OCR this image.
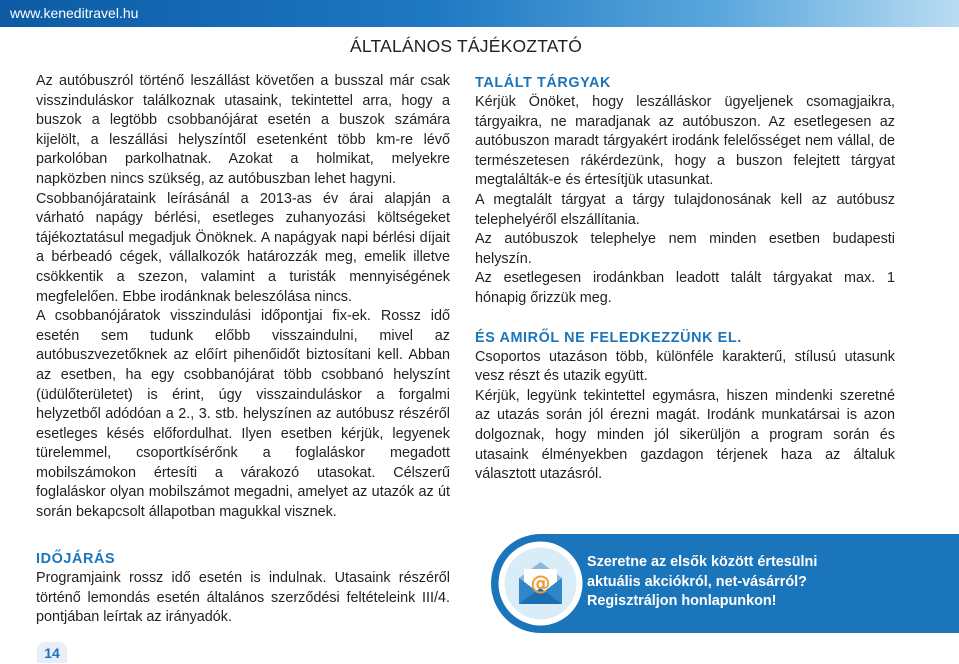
www.keneditravel.hu
ÁLTALÁNOS TÁJÉKOZTATÓ

Az autóbuszról történő leszállást követően a busszal már csak visszinduláskor találkoznak utasaink, tekintettel arra, hogy a buszok a legtöbb csobbanójárat esetén a buszok számára kijelölt, a leszállási helyszíntől esetenként több km-re lévő parkolóban parkolhatnak. Azokat a holmikat, melyekre napközben nincs szükség, az autóbuszban lehet hagyni.

Csobbanójárataink leírásánál a 2013-as év árai alapján a várható napágy bérlési, esetleges zuhanyozási költségeket tájékoztatásul megadjuk Önöknek. A napágyak napi bérlési díjait a bérbeadó cégek, vállalkozók határozzák meg, emelik illetve csökkentik a szezon, valamint a turisták mennyiségének megfelelően. Ebbe irodánknak beleszólása nincs.

A csobbanójáratok visszindulási időpontjai fix-ek. Rossz idő esetén sem tudunk előbb visszaindulni, mivel az autóbuszvezetőknek az előírt pihenőidőt biztosítani kell. Abban az esetben, ha egy csobbanójárat több csobbanó helyszínt (üdülőterületet) is érint, úgy visszainduláskor a forgalmi helyzetből adódóan a 2., 3. stb. helyszínen az autóbusz részéről esetleges késés előfordulhat. Ilyen esetben kérjük, legyenek türelemmel, csoportkísérőnk a foglaláskor megadott mobilszámokon értesíti a várakozó utasokat. Célszerű foglaláskor olyan mobilszámot megadni, amelyet az utazók az út során bekapcsolt állapotban magukkal visznek.

IDŐJÁRÁS

Programjaink rossz idő esetén is indulnak. Utasaink részéről történő lemondás esetén általános szerződési feltételeink III/4. pontjában leírtak az irányadók.

TALÁLT TÁRGYAK

Kérjük Önöket, hogy leszálláskor ügyeljenek csomagjaikra, tárgyaikra, ne maradjanak az autóbuszon. Az esetlegesen az autóbuszon maradt tárgyakért irodánk felelősséget nem vállal, de természetesen rákérdezünk, hogy a buszon felejtett tárgyat megtalálták-e és értesítjük utasunkat.

A megtalált tárgyat a tárgy tulajdonosának kell az autóbusz telephelyéről elszállítania.

Az autóbuszok telephelye nem minden esetben budapesti helyszín.

Az esetlegesen irodánkban leadott talált tárgyakat max. 1 hónapig őrizzük meg.

ÉS AMIRŐL NE FELEDKEZZÜNK EL.

Csoportos utazáson több, különféle karakterű, stílusú utasunk vesz részt és utazik együtt.

Kérjük, legyünk tekintettel egymásra, hiszen mindenki szeretné az utazás során jól érezni magát. Irodánk munkatársai is azon dolgoznak, hogy minden jól sikerüljön a program során és utasaink élményekben gazdagon térjenek haza az általuk választott utazásról.

@
Szeretne az elsők között értesülni
aktuális akciókról, net-vásárról?
Regisztráljon honlapunkon!
14
